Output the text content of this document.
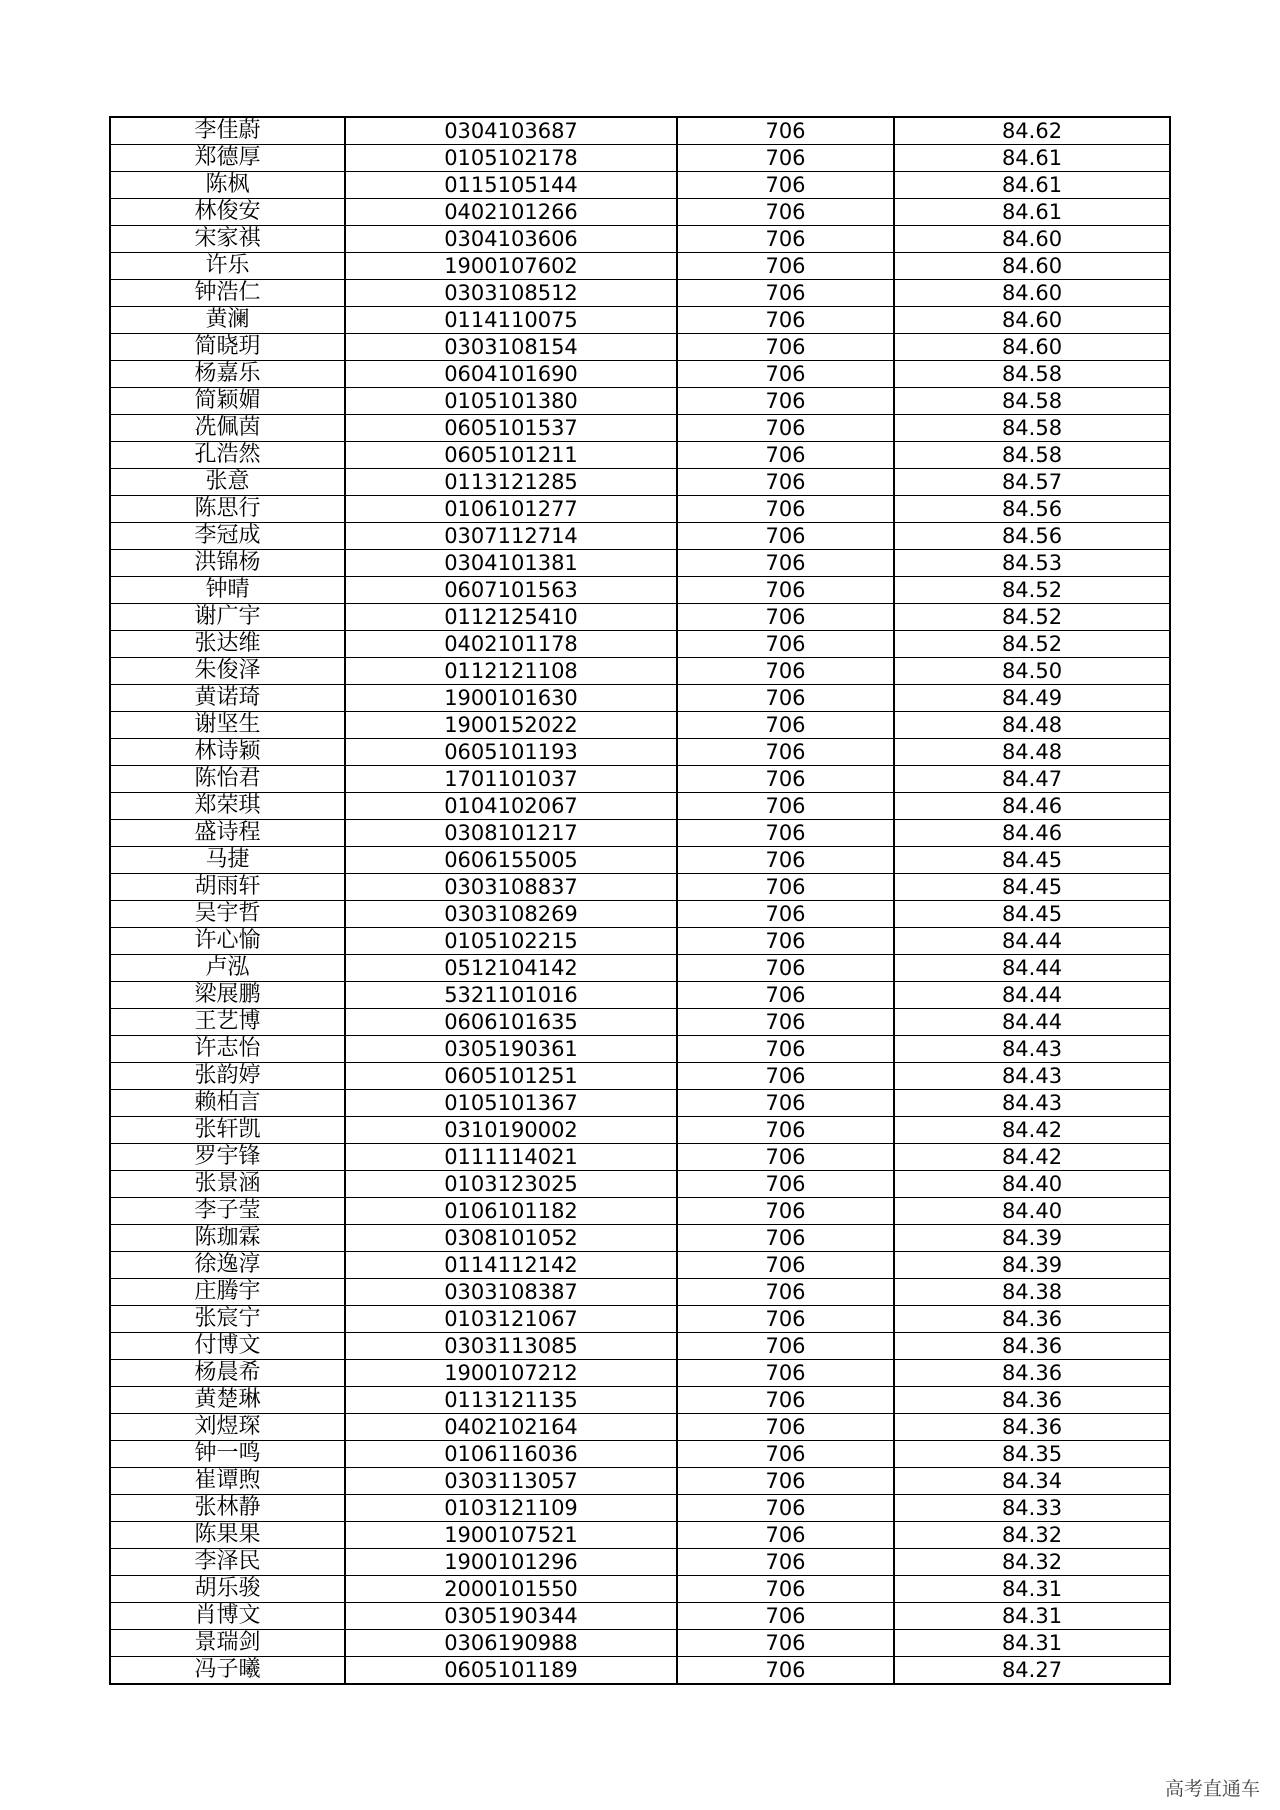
李佳蔚	0304103687	706	84.62
郑德厚	0105102178	706	84.61
陈枫	0115105144	706	84.61
林俊安	0402101266	706	84.61
宋家祺	0304103606	706	84.60
许乐	1900107602	706	84.60
钟浩仁	0303108512	706	84.60
黄澜	0114110075	706	84.60
简晓玥	0303108154	706	84.60
杨嘉乐	0604101690	706	84.58
简颖媚	0105101380	706	84.58
冼佩茵	0605101537	706	84.58
孔浩然	0605101211	706	84.58
张意	0113121285	706	84.57
陈思行	0106101277	706	84.56
李冠成	0307112714	706	84.56
洪锦杨	0304101381	706	84.53
钟晴	0607101563	706	84.52
谢广宇	0112125410	706	84.52
张达维	0402101178	706	84.52
朱俊泽	0112121108	706	84.50
黄诺琦	1900101630	706	84.49
谢坚生	1900152022	706	84.48
林诗颖	0605101193	706	84.48
陈怡君	1701101037	706	84.47
郑荣琪	0104102067	706	84.46
盛诗程	0308101217	706	84.46
马捷	0606155005	706	84.45
胡雨轩	0303108837	706	84.45
吴宇哲	0303108269	706	84.45
许心愉	0105102215	706	84.44
卢泓	0512104142	706	84.44
梁展鹏	5321101016	706	84.44
王艺博	0606101635	706	84.44
许志怡	0305190361	706	84.43
张韵婷	0605101251	706	84.43
赖柏言	0105101367	706	84.43
张轩凯	0310190002	706	84.42
罗宇锋	0111114021	706	84.42
张景涵	0103123025	706	84.40
李子莹	0106101182	706	84.40
陈珈霖	0308101052	706	84.39
徐逸淳	0114112142	706	84.39
庄腾宇	0303108387	706	84.38
张宸宁	0103121067	706	84.36
付博文	0303113085	706	84.36
杨晨希	1900107212	706	84.36
黄楚琳	0113121135	706	84.36
刘煜琛	0402102164	706	84.36
钟一鸣	0106116036	706	84.35
崔谭煦	0303113057	706	84.34
张林静	0103121109	706	84.33
陈果果	1900107521	706	84.32
李泽民	1900101296	706	84.32
胡乐骏	2000101550	706	84.31
肖博文	0305190344	706	84.31
景瑞剑	0306190988	706	84.31
冯子曦	0605101189	706	84.27
高考直通车
